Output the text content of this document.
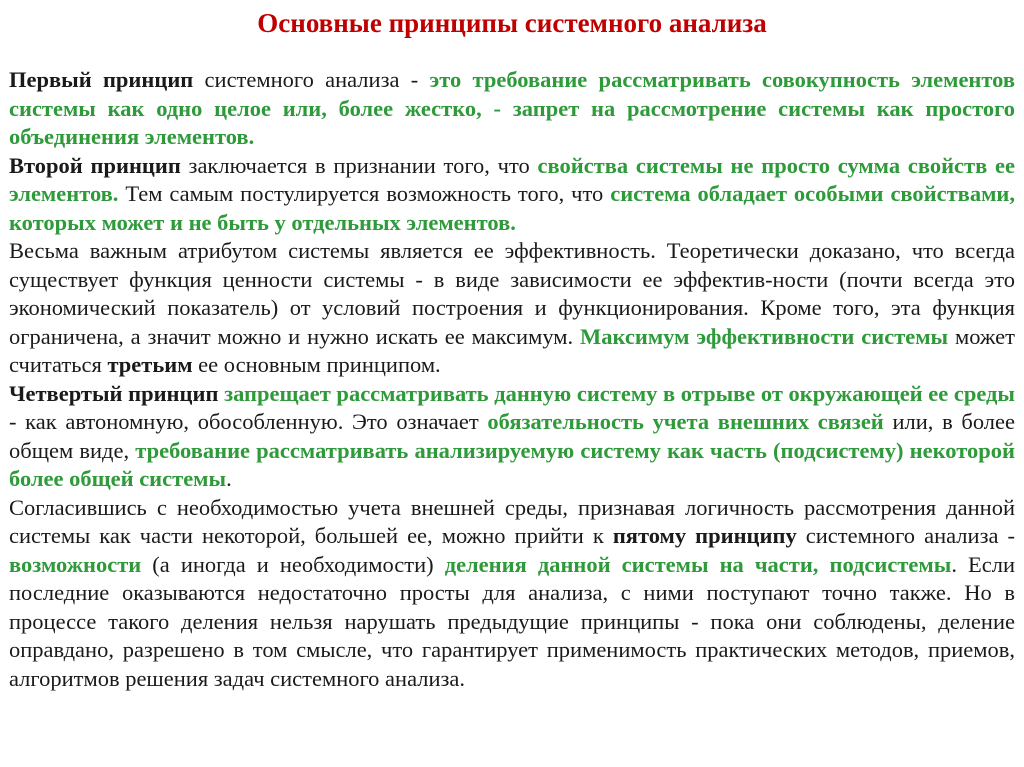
Основные принципы системного анализа

Первый принцип системного анализа - это требование рассматривать совокупность элементов системы как одно целое или, более жестко, - запрет на рассмотрение системы как простого объединения элементов.

Второй принцип заключается в признании того, что свойства системы не просто сумма свойств ее элементов. Тем самым постулируется возможность того, что система обладает особыми свойствами, которых может и не быть у отдельных элементов.

Весьма важным атрибутом системы является ее эффективность. Теоретически доказано, что всегда существует функция ценности системы - в виде зависимости ее эффектив-ности (почти всегда это экономический показатель) от условий построения и функционирования. Кроме того, эта функция ограничена, а значит можно и нужно искать ее максимум. Максимум эффективности системы может считаться третьим ее основным принципом.

Четвертый принцип запрещает рассматривать данную систему в отрыве от окружающей ее среды - как автономную, обособленную. Это означает обязательность учета внешних связей или, в более общем виде, требование рассматривать анализируемую систему как часть (подсистему) некоторой более общей системы.

Согласившись с необходимостью учета внешней среды, признавая логичность рассмотрения данной системы как части некоторой, большей ее, можно прийти к пятому принципу системного анализа - возможности (а иногда и необходимости) деления данной системы на части, подсистемы. Если последние оказываются недостаточно просты для анализа, с ними поступают точно также. Но в процессе такого деления нельзя нарушать предыдущие принципы - пока они соблюдены, деление оправдано, разрешено в том смысле, что гарантирует применимость практических методов, приемов, алгоритмов решения задач системного анализа.
